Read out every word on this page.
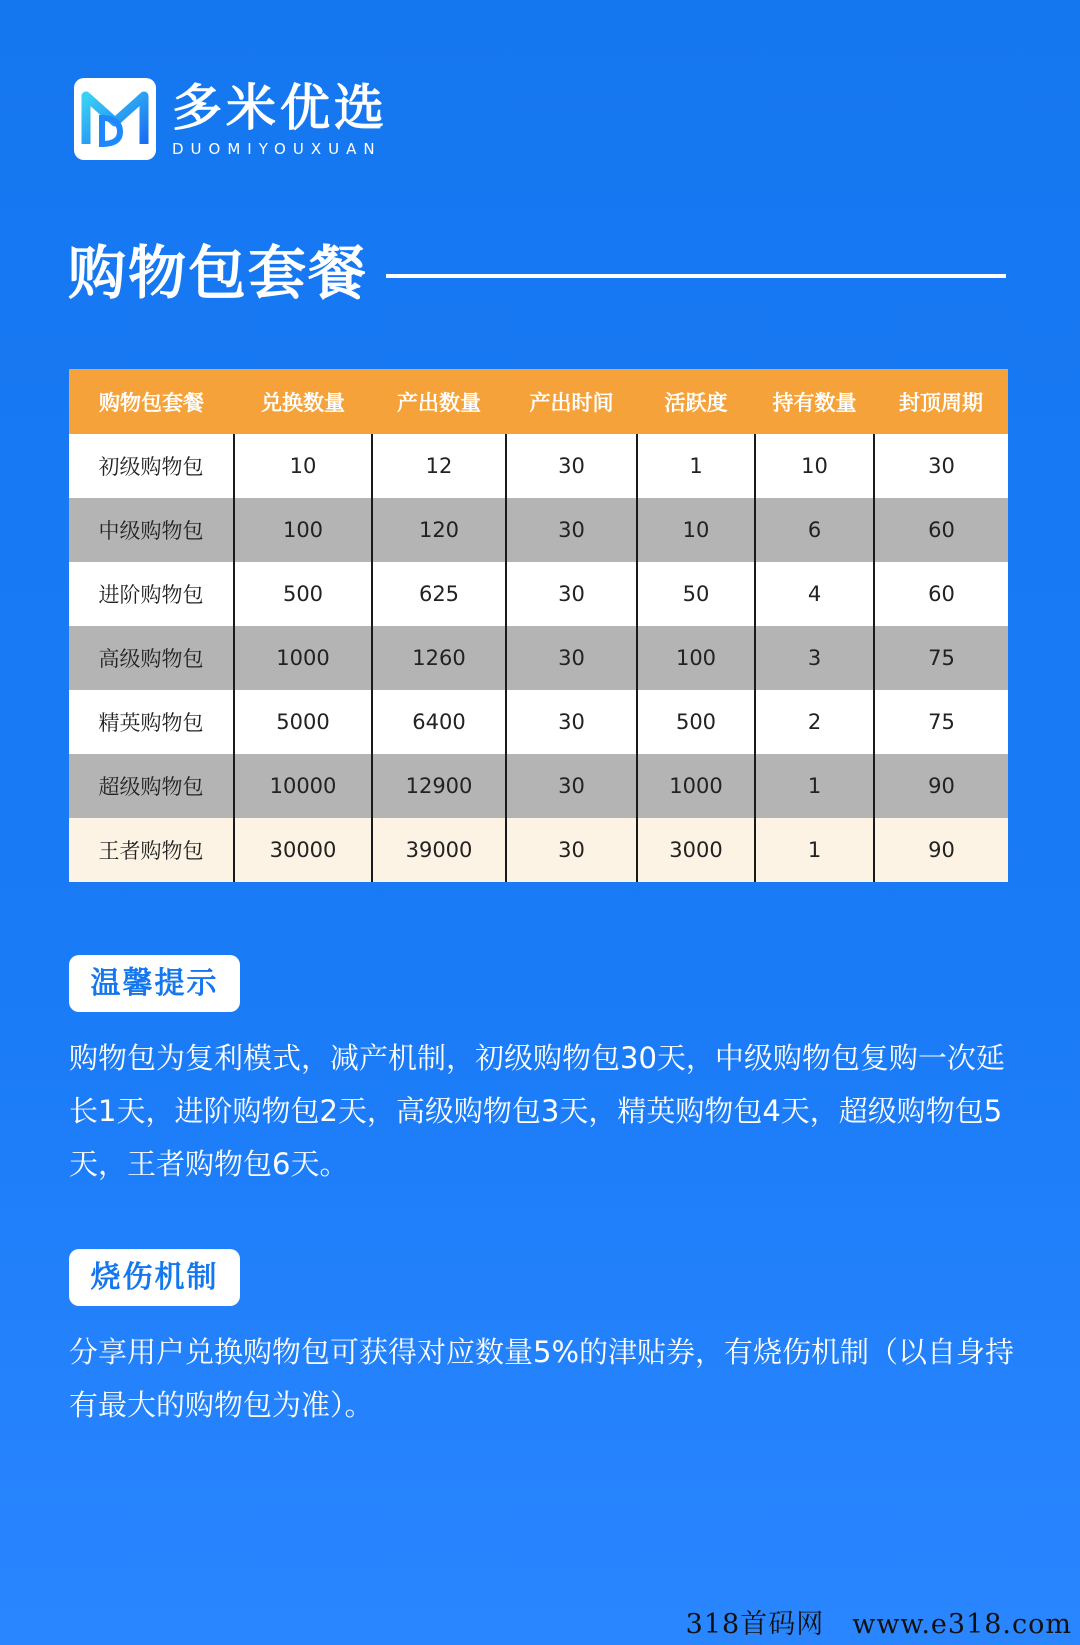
多米优选
DUOMIYOUXUAN
购物包套餐
购物包套餐	兑换数量	产出数量	产出时间	活跃度	持有数量	封顶周期
初级购物包	10	12	30	1	10	30
中级购物包	100	120	30	10	6	60
进阶购物包	500	625	30	50	4	60
高级购物包	1000	1260	30	100	3	75
精英购物包	5000	6400	30	500	2	75
超级购物包	10000	12900	30	1000	1	90
王者购物包	30000	39000	30	3000	1	90
温馨提示
购物包为复利模式，减产机制，初级购物包30天，中级购物包复购一次延长1天，进阶购物包2天，高级购物包3天，精英购物包4天，超级购物包5天，王者购物包6天。
烧伤机制
分享用户兑换购物包可获得对应数量5%的津贴券，有烧伤机制（以自身持有最大的购物包为准）。
318首码网 www.e318.com
